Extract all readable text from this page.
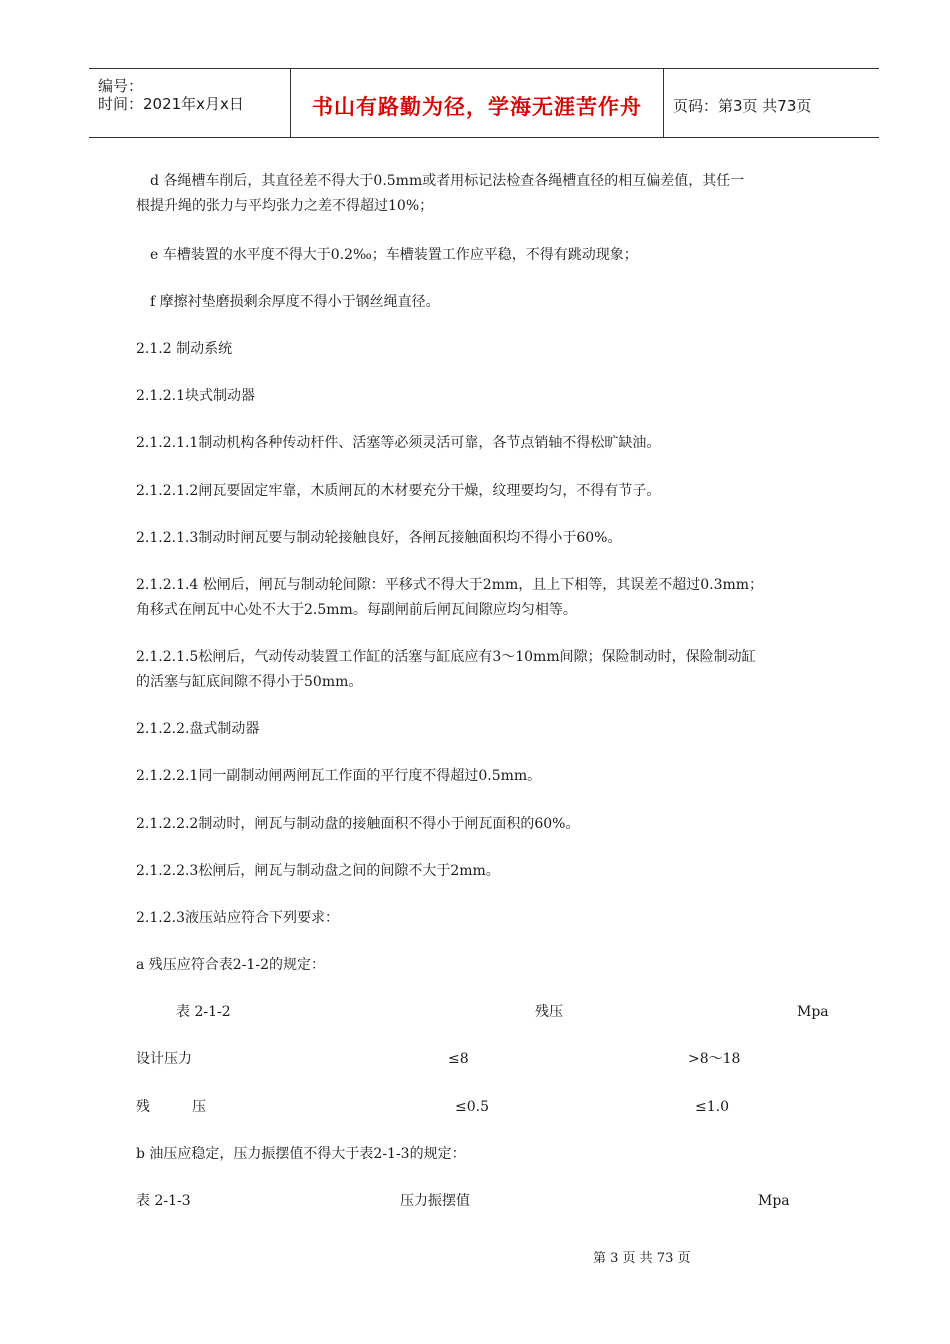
编号：
时间：2021年x月x日	书山有路勤为径，学海无涯苦作舟	页码：第3页 共73页
d 各绳槽车削后，其直径差不得大于0.5mm或者用标记法检查各绳槽直径的相互偏差值，其任一
根提升绳的张力与平均张力之差不得超过10%；
e 车槽装置的水平度不得大于0.2‰；车槽装置工作应平稳，不得有跳动现象；
f 摩擦衬垫磨损剩余厚度不得小于钢丝绳直径。
2.1.2 制动系统
2.1.2.1块式制动器
2.1.2.1.1制动机构各种传动杆件、活塞等必须灵活可靠，各节点销轴不得松旷缺油。
2.1.2.1.2闸瓦要固定牢靠，木质闸瓦的木材要充分干燥，纹理要均匀，不得有节子。
2.1.2.1.3制动时闸瓦要与制动轮接触良好，各闸瓦接触面积均不得小于60%。
2.1.2.1.4 松闸后，闸瓦与制动轮间隙：平移式不得大于2mm，且上下相等，其误差不超过0.3mm；
角移式在闸瓦中心处不大于2.5mm。每副闸前后闸瓦间隙应均匀相等。
2.1.2.1.5松闸后，气动传动装置工作缸的活塞与缸底应有3～10mm间隙；保险制动时，保险制动缸
的活塞与缸底间隙不得小于50mm。
2.1.2.2.盘式制动器
2.1.2.2.1同一副制动闸两闸瓦工作面的平行度不得超过0.5mm。
2.1.2.2.2制动时，闸瓦与制动盘的接触面积不得小于闸瓦面积的60%。
2.1.2.2.3松闸后，闸瓦与制动盘之间的间隙不大于2mm。
2.1.2.3液压站应符合下列要求：
a 残压应符合表2-1-2的规定：
表 2-1-2	残压	Mpa
设计压力	≤8	>8～18
残	压	≤0.5	≤1.0
b 油压应稳定，压力振摆值不得大于表2-1-3的规定：
表 2-1-3	压力振摆值	Mpa
第 3 页 共 73 页
